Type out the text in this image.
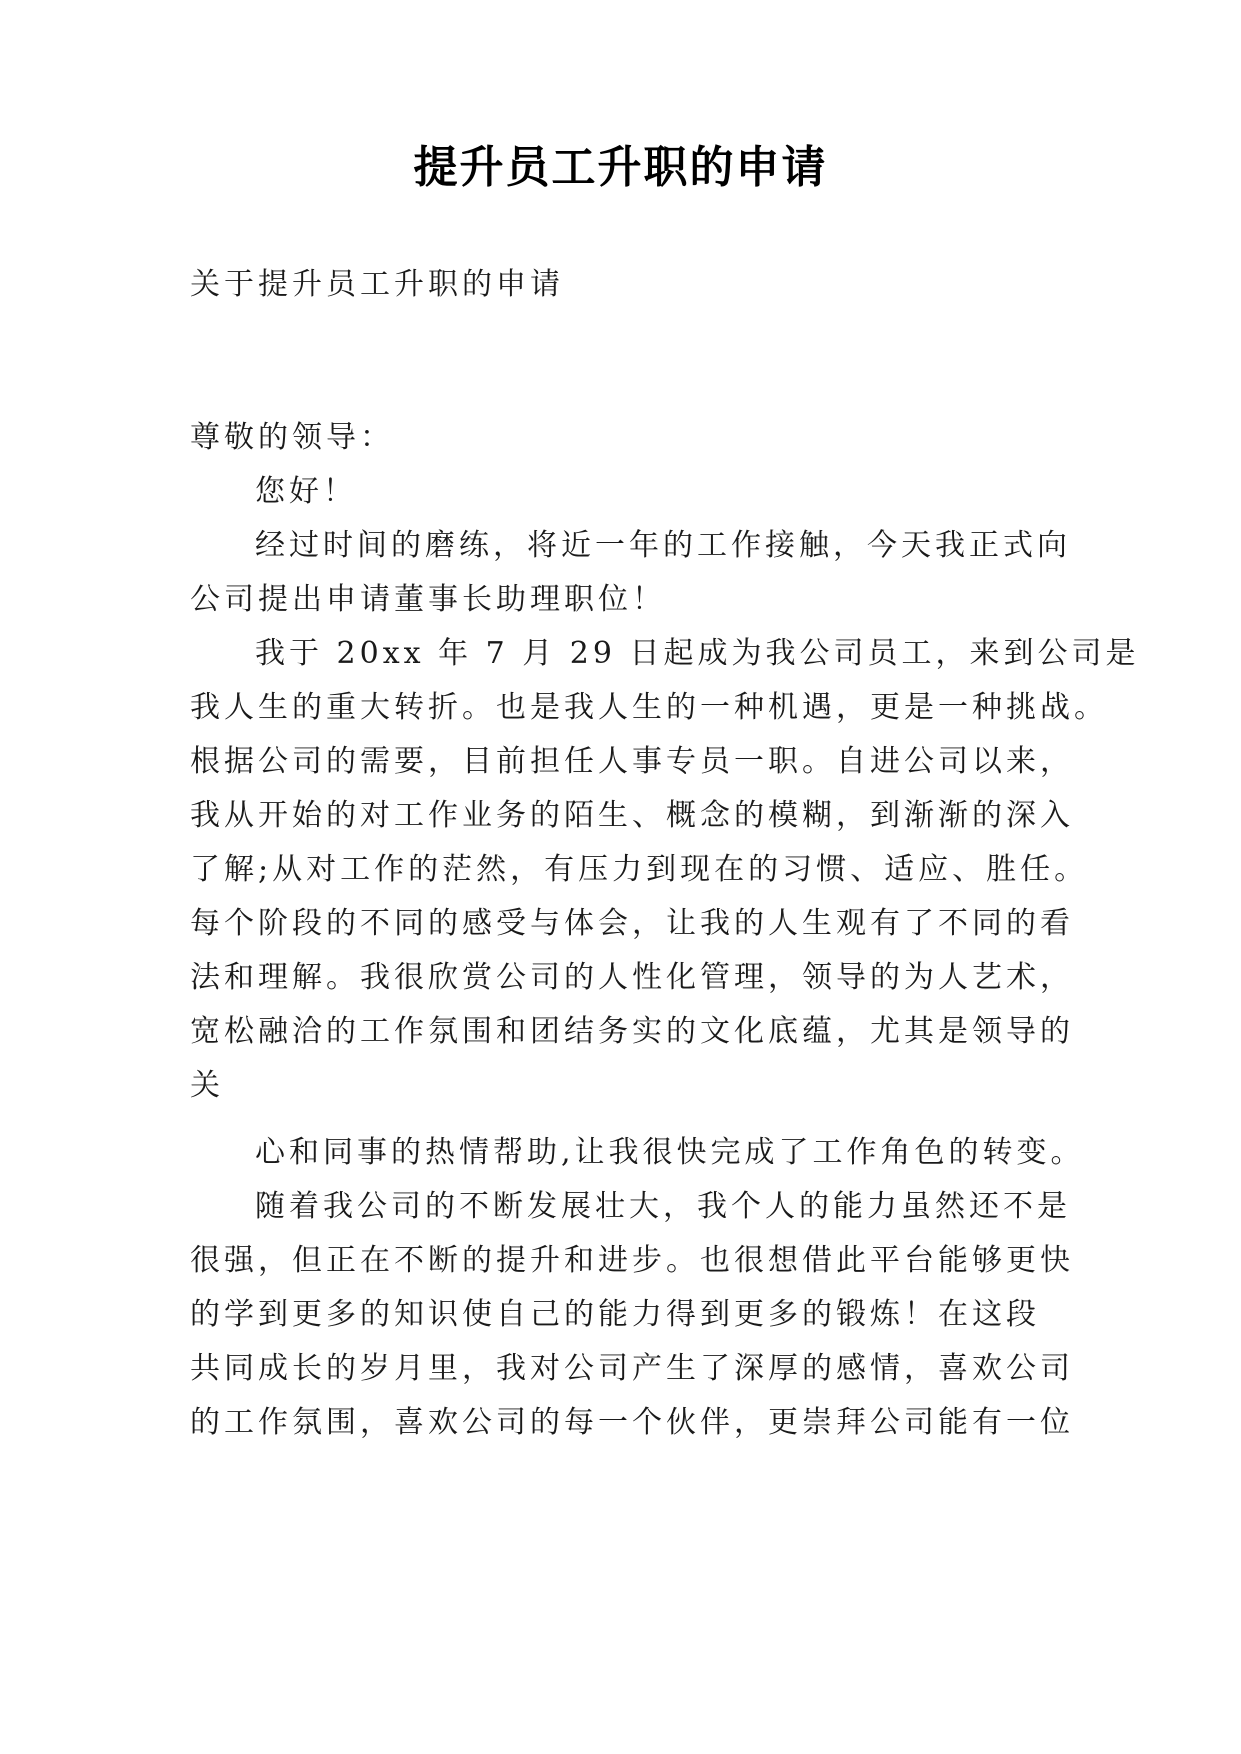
提升员工升职的申请
关于提升员工升职的申请
尊敬的领导：
您好！
经过时间的磨练，将近一年的工作接触，今天我正式向
公司提出申请董事长助理职位！
我于 20xx 年 7 月 29 日起成为我公司员工，来到公司是
我人生的重大转折。也是我人生的一种机遇，更是一种挑战。
根据公司的需要，目前担任人事专员一职。自进公司以来，
我从开始的对工作业务的陌生、概念的模糊，到渐渐的深入
了解;从对工作的茫然，有压力到现在的习惯、适应、胜任。
每个阶段的不同的感受与体会，让我的人生观有了不同的看
法和理解。我很欣赏公司的人性化管理，领导的为人艺术，
宽松融洽的工作氛围和团结务实的文化底蕴，尤其是领导的
关
心和同事的热情帮助,让我很快完成了工作角色的转变。
随着我公司的不断发展壮大，我个人的能力虽然还不是
很强，但正在不断的提升和进步。也很想借此平台能够更快
的学到更多的知识使自己的能力得到更多的锻炼！在这段
共同成长的岁月里，我对公司产生了深厚的感情，喜欢公司
的工作氛围，喜欢公司的每一个伙伴，更崇拜公司能有一位
